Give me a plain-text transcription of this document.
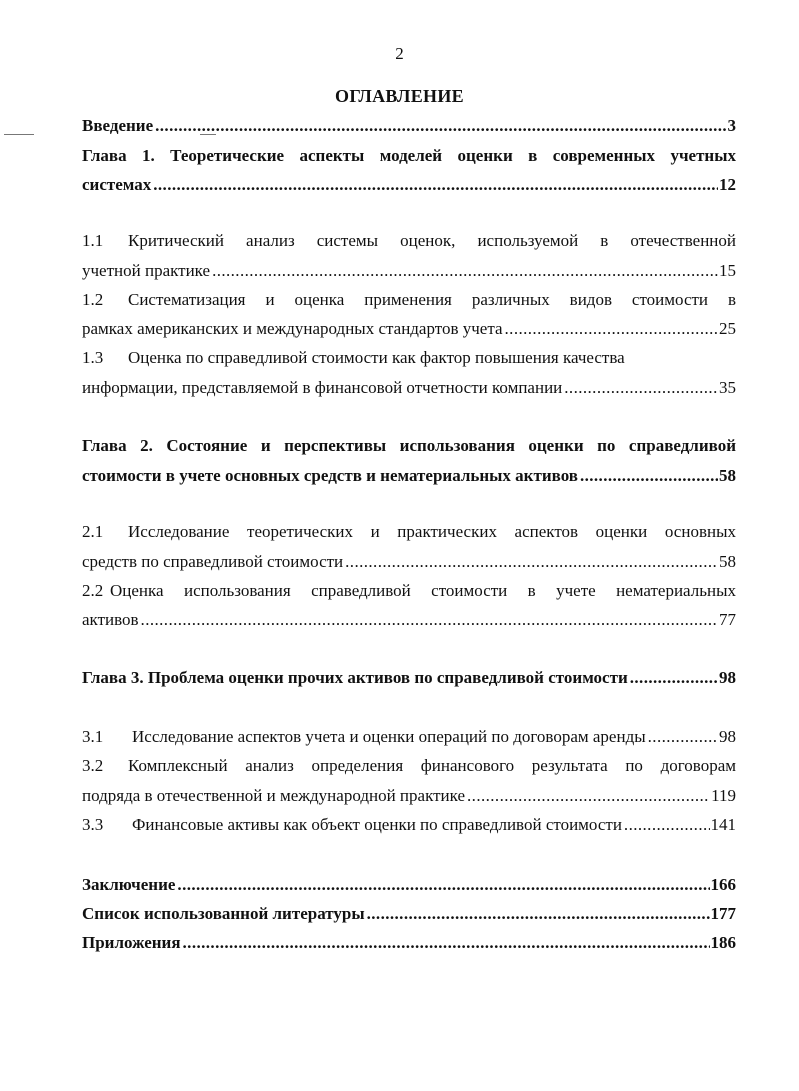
2
ОГЛАВЛЕНИЕ
Введение .....	3
Глава 1. Теоретические аспекты моделей оценки в современных учетных
системах .....	12
1.1 Критический анализ системы оценок, используемой в отечественной
учетной практике .....	15
1.2 Систематизация и оценка применения различных видов стоимости в
рамках американских и международных стандартов учета .....	25
1.3 Оценка по справедливой стоимости как фактор повышения качества
информации, представляемой в финансовой отчетности компании .....	35
Глава 2. Состояние и перспективы использования оценки по справедливой
стоимости в учете основных средств и нематериальных активов .....	58
2.1 Исследование теоретических и практических аспектов оценки основных
средств по справедливой стоимости .....	58
2.2 Оценка использования справедливой стоимости в учете нематериальных
активов .....	77
Глава 3. Проблема оценки прочих активов по справедливой стоимости .....	98
3.1 Исследование аспектов учета и оценки операций по договорам аренды .....	98
3.2 Комплексный анализ определения финансового результата по договорам
подряда в отечественной и международной практике .....	119
3.3 Финансовые активы как объект оценки по справедливой стоимости .....	141
Заключение .....	166
Список использованной литературы .....	177
Приложения .....	186
